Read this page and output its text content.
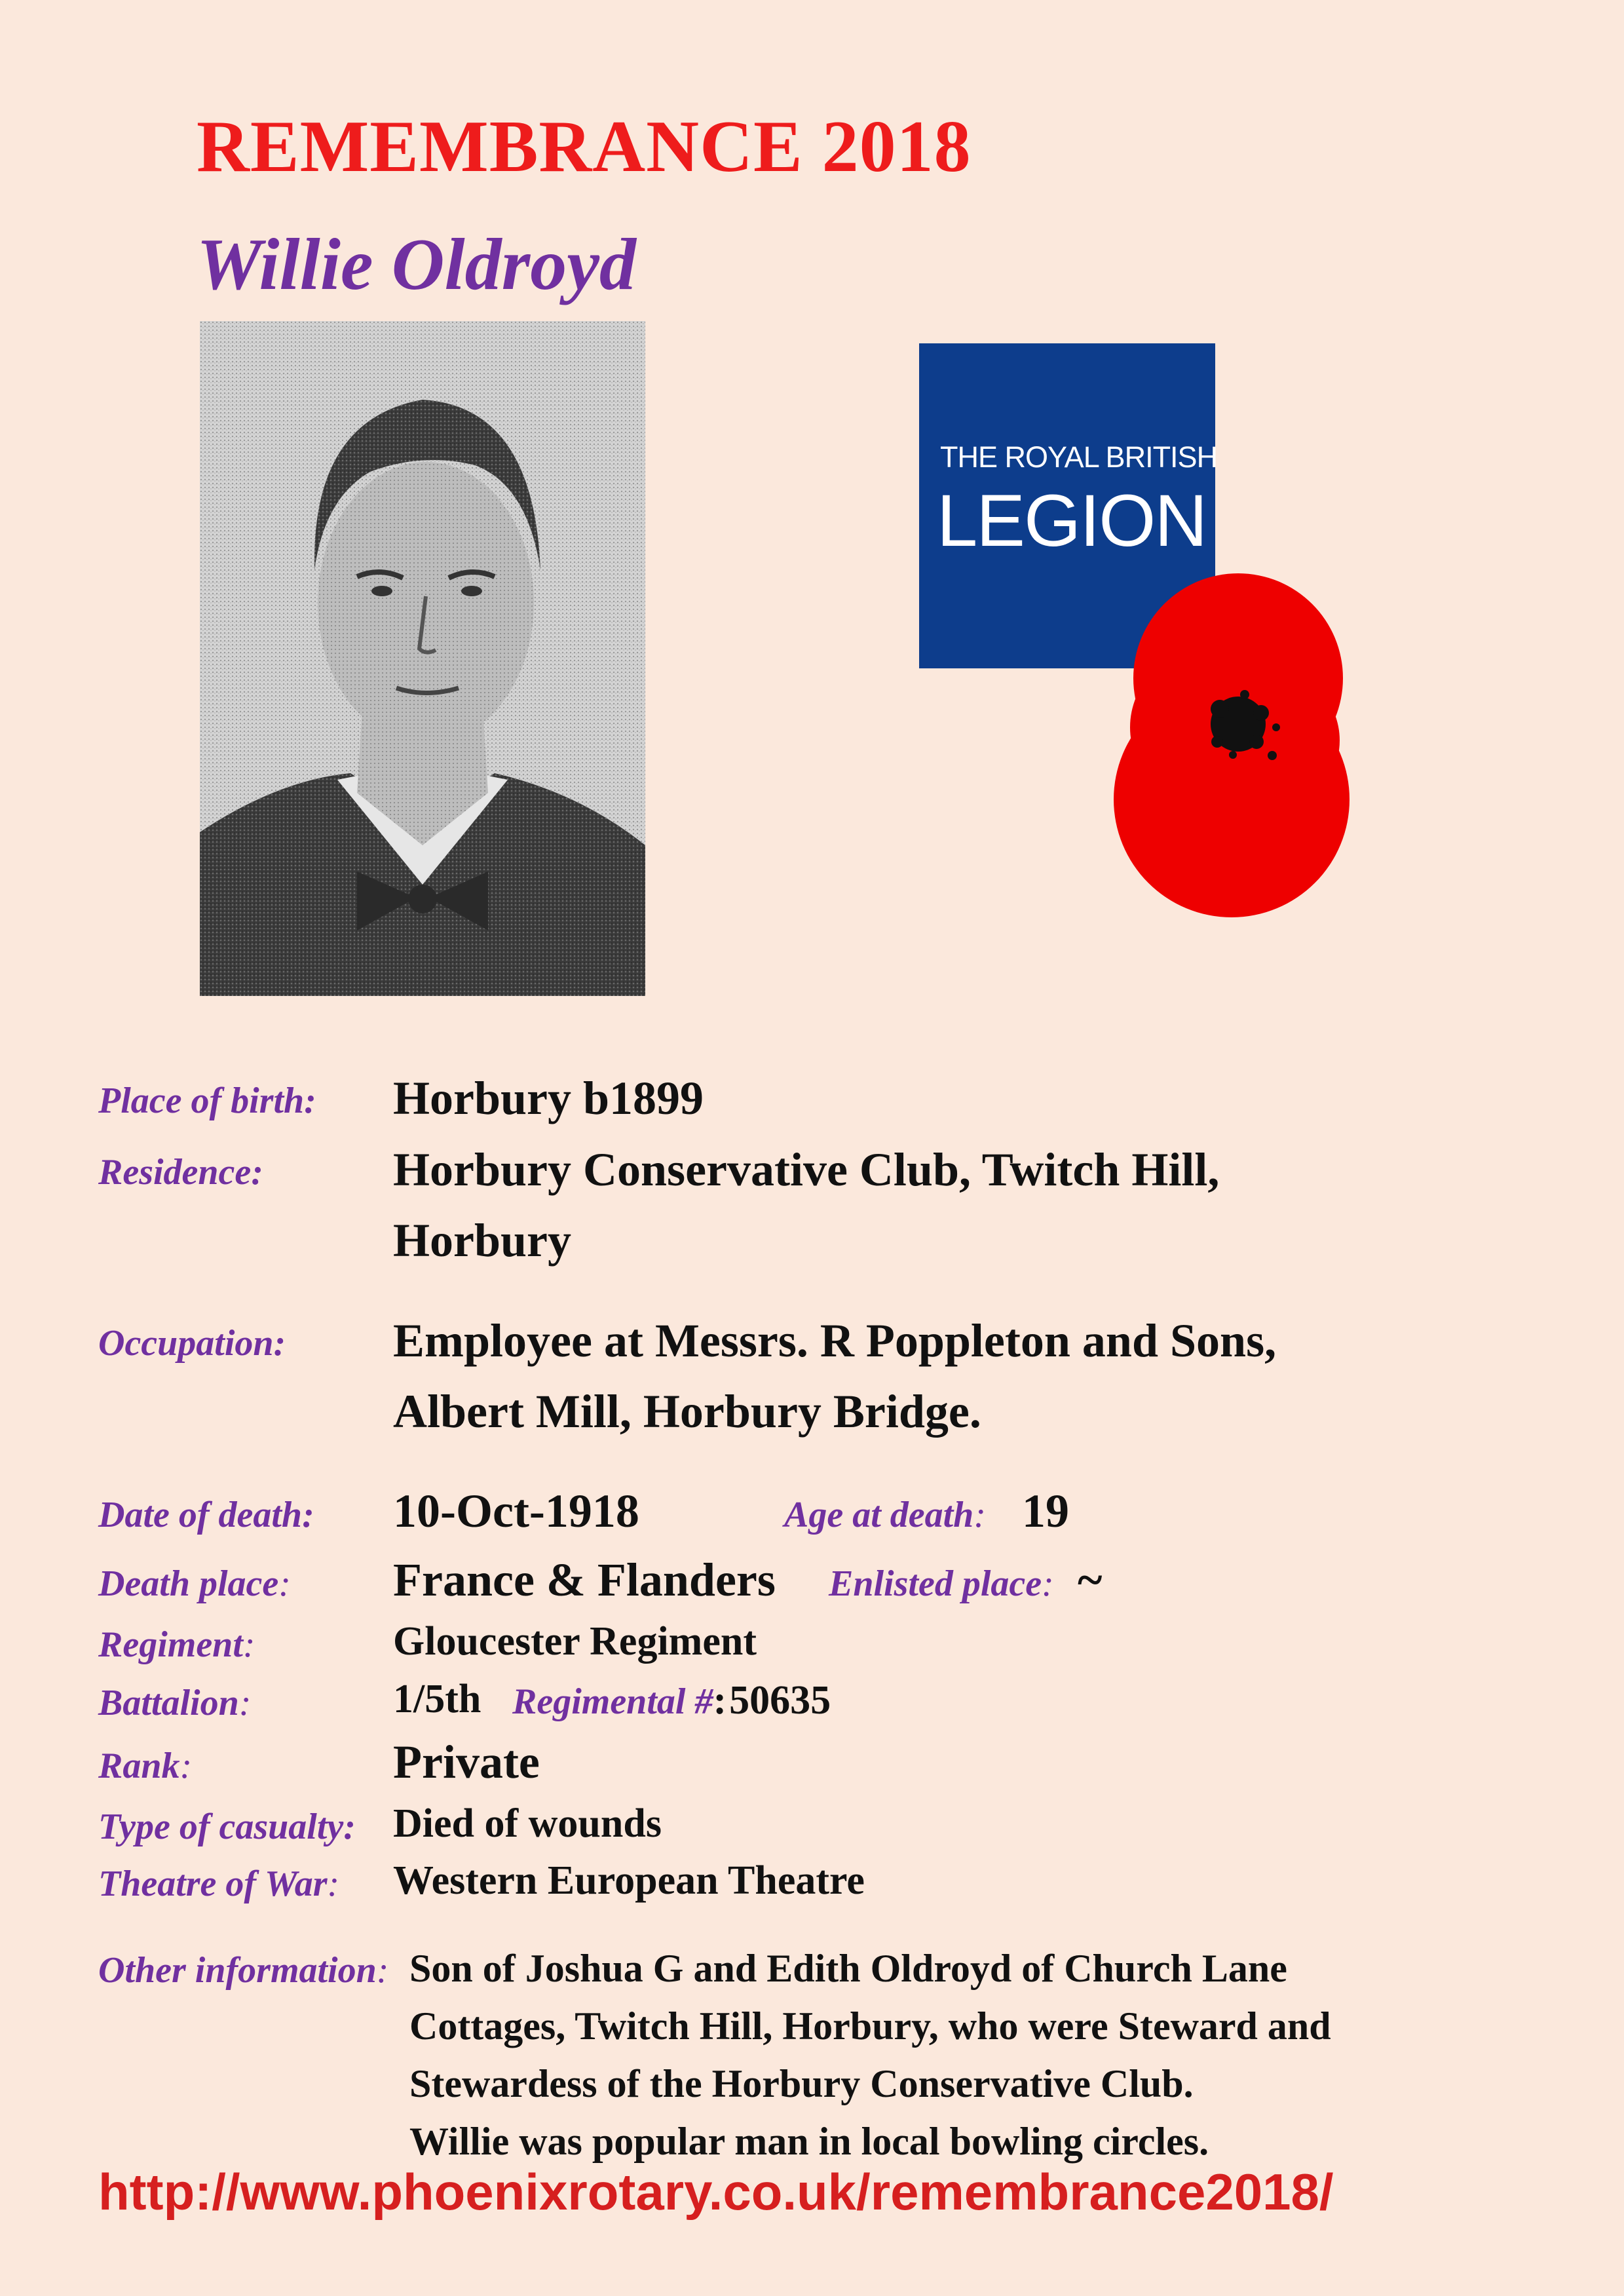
REMEMBRANCE 2018
Willie Oldroyd
THE ROYAL BRITISH
LEGION
Place of birth: Horbury b1899
Residence:	Horbury Conservative Club, Twitch Hill,
Horbury
Occupation: Employee at Messrs. R Poppleton and Sons,
Albert Mill, Horbury Bridge.
Date of death: 10-Oct-1918	Age at death: 19
Death place: France & Flanders Enlisted place: ~
Regiment:	Gloucester Regiment
Battalion:	1/5th Regimental #: 50635
Rank:	Private
Type of casualty: Died of wounds
Theatre of War: Western European Theatre
Other information: Son of Joshua G and Edith Oldroyd of Church Lane
Cottages, Twitch Hill, Horbury, who were Steward and
Stewardess of the Horbury Conservative Club.
Willie was popular man in local bowling circles.
http://www.phoenixrotary.co.uk/remembrance2018/
